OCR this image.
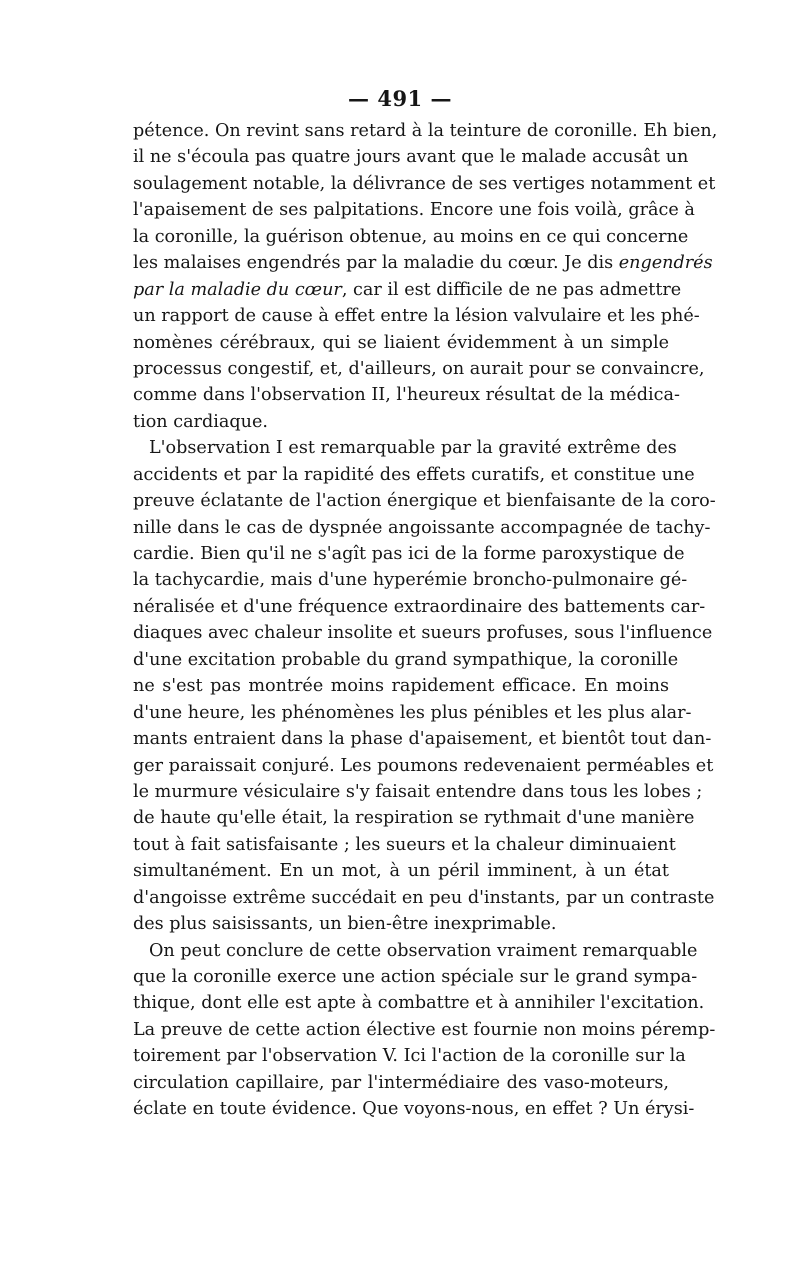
— 491 —
pétence. On revint sans retard à la teinture de coronille. Eh bien,
il ne s'écoula pas quatre jours avant que le malade accusât un
soulagement notable, la délivrance de ses vertiges notamment et
l'apaisement de ses palpitations. Encore une fois voilà, grâce à
la coronille, la guérison obtenue, au moins en ce qui concerne
les malaises engendrés par la maladie du cœur. Je dis engendrés
par la maladie du cœur, car il est difficile de ne pas admettre
un rapport de cause à effet entre la lésion valvulaire et les phé-
nomènes cérébraux, qui se liaient évidemment à un simple
processus congestif, et, d'ailleurs, on aurait pour se convaincre,
comme dans l'observation II, l'heureux résultat de la médica-
tion cardiaque.
L'observation I est remarquable par la gravité extrême des
accidents et par la rapidité des effets curatifs, et constitue une
preuve éclatante de l'action énergique et bienfaisante de la coro-
nille dans le cas de dyspnée angoissante accompagnée de tachy-
cardie. Bien qu'il ne s'agît pas ici de la forme paroxystique de
la tachycardie, mais d'une hyperémie broncho-pulmonaire gé-
néralisée et d'une fréquence extraordinaire des battements car-
diaques avec chaleur insolite et sueurs profuses, sous l'influence
d'une excitation probable du grand sympathique, la coronille
ne s'est pas montrée moins rapidement efficace. En moins
d'une heure, les phénomènes les plus pénibles et les plus alar-
mants entraient dans la phase d'apaisement, et bientôt tout dan-
ger paraissait conjuré. Les poumons redevenaient perméables et
le murmure vésiculaire s'y faisait entendre dans tous les lobes ;
de haute qu'elle était, la respiration se rythmait d'une manière
tout à fait satisfaisante ; les sueurs et la chaleur diminuaient
simultanément. En un mot, à un péril imminent, à un état
d'angoisse extrême succédait en peu d'instants, par un contraste
des plus saisissants, un bien-être inexprimable.
On peut conclure de cette observation vraiment remarquable
que la coronille exerce une action spéciale sur le grand sympa-
thique, dont elle est apte à combattre et à annihiler l'excitation.
La preuve de cette action élective est fournie non moins péremp-
toirement par l'observation V. Ici l'action de la coronille sur la
circulation capillaire, par l'intermédiaire des vaso-moteurs,
éclate en toute évidence. Que voyons-nous, en effet ? Un érysi-
